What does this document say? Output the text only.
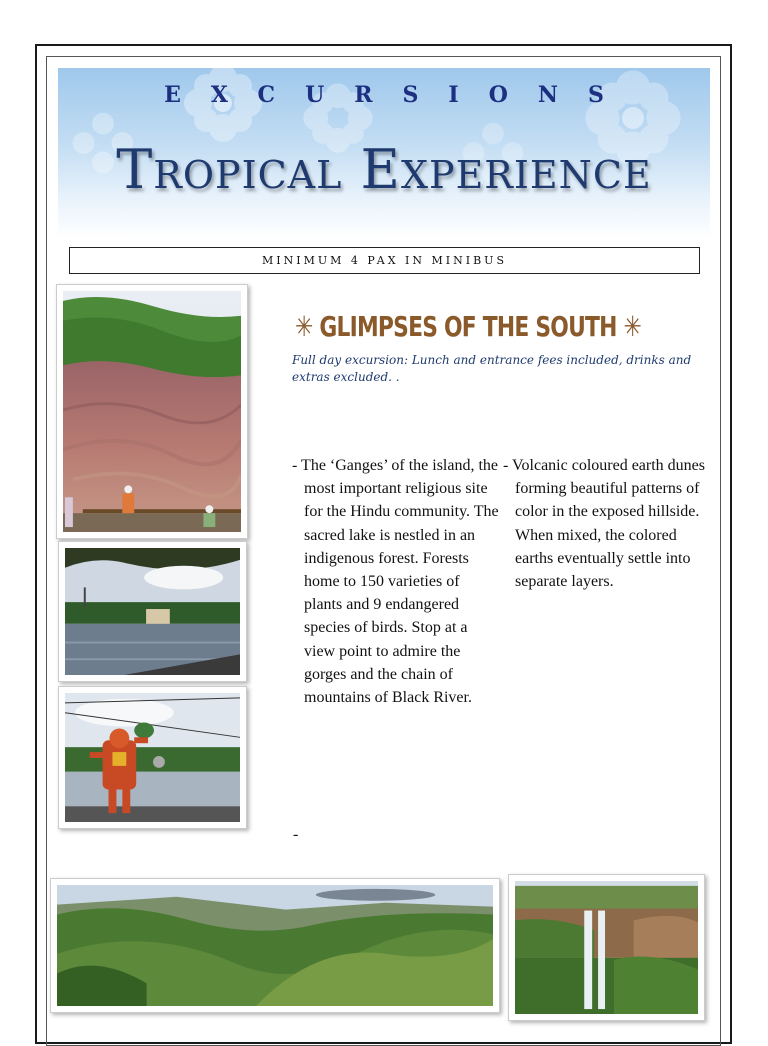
EXCURSIONS
Tropical Experience
MINIMUM 4 PAX IN MINIBUS
✳ GLIMPSES OF THE SOUTH ✳
Full day excursion: Lunch and entrance fees included, drinks and extras excluded. .
- The ‘Ganges’ of the island, the most important religious site for the Hindu community. The sacred lake is nestled in an indigenous forest. Forests home to 150 varieties of plants and 9 endangered species of birds. Stop at a view point to admire the gorges and the chain of mountains of Black River.
- Volcanic coloured earth dunes forming beautiful patterns of color in the exposed hillside. When mixed, the colored earths eventually settle into separate layers.
-
